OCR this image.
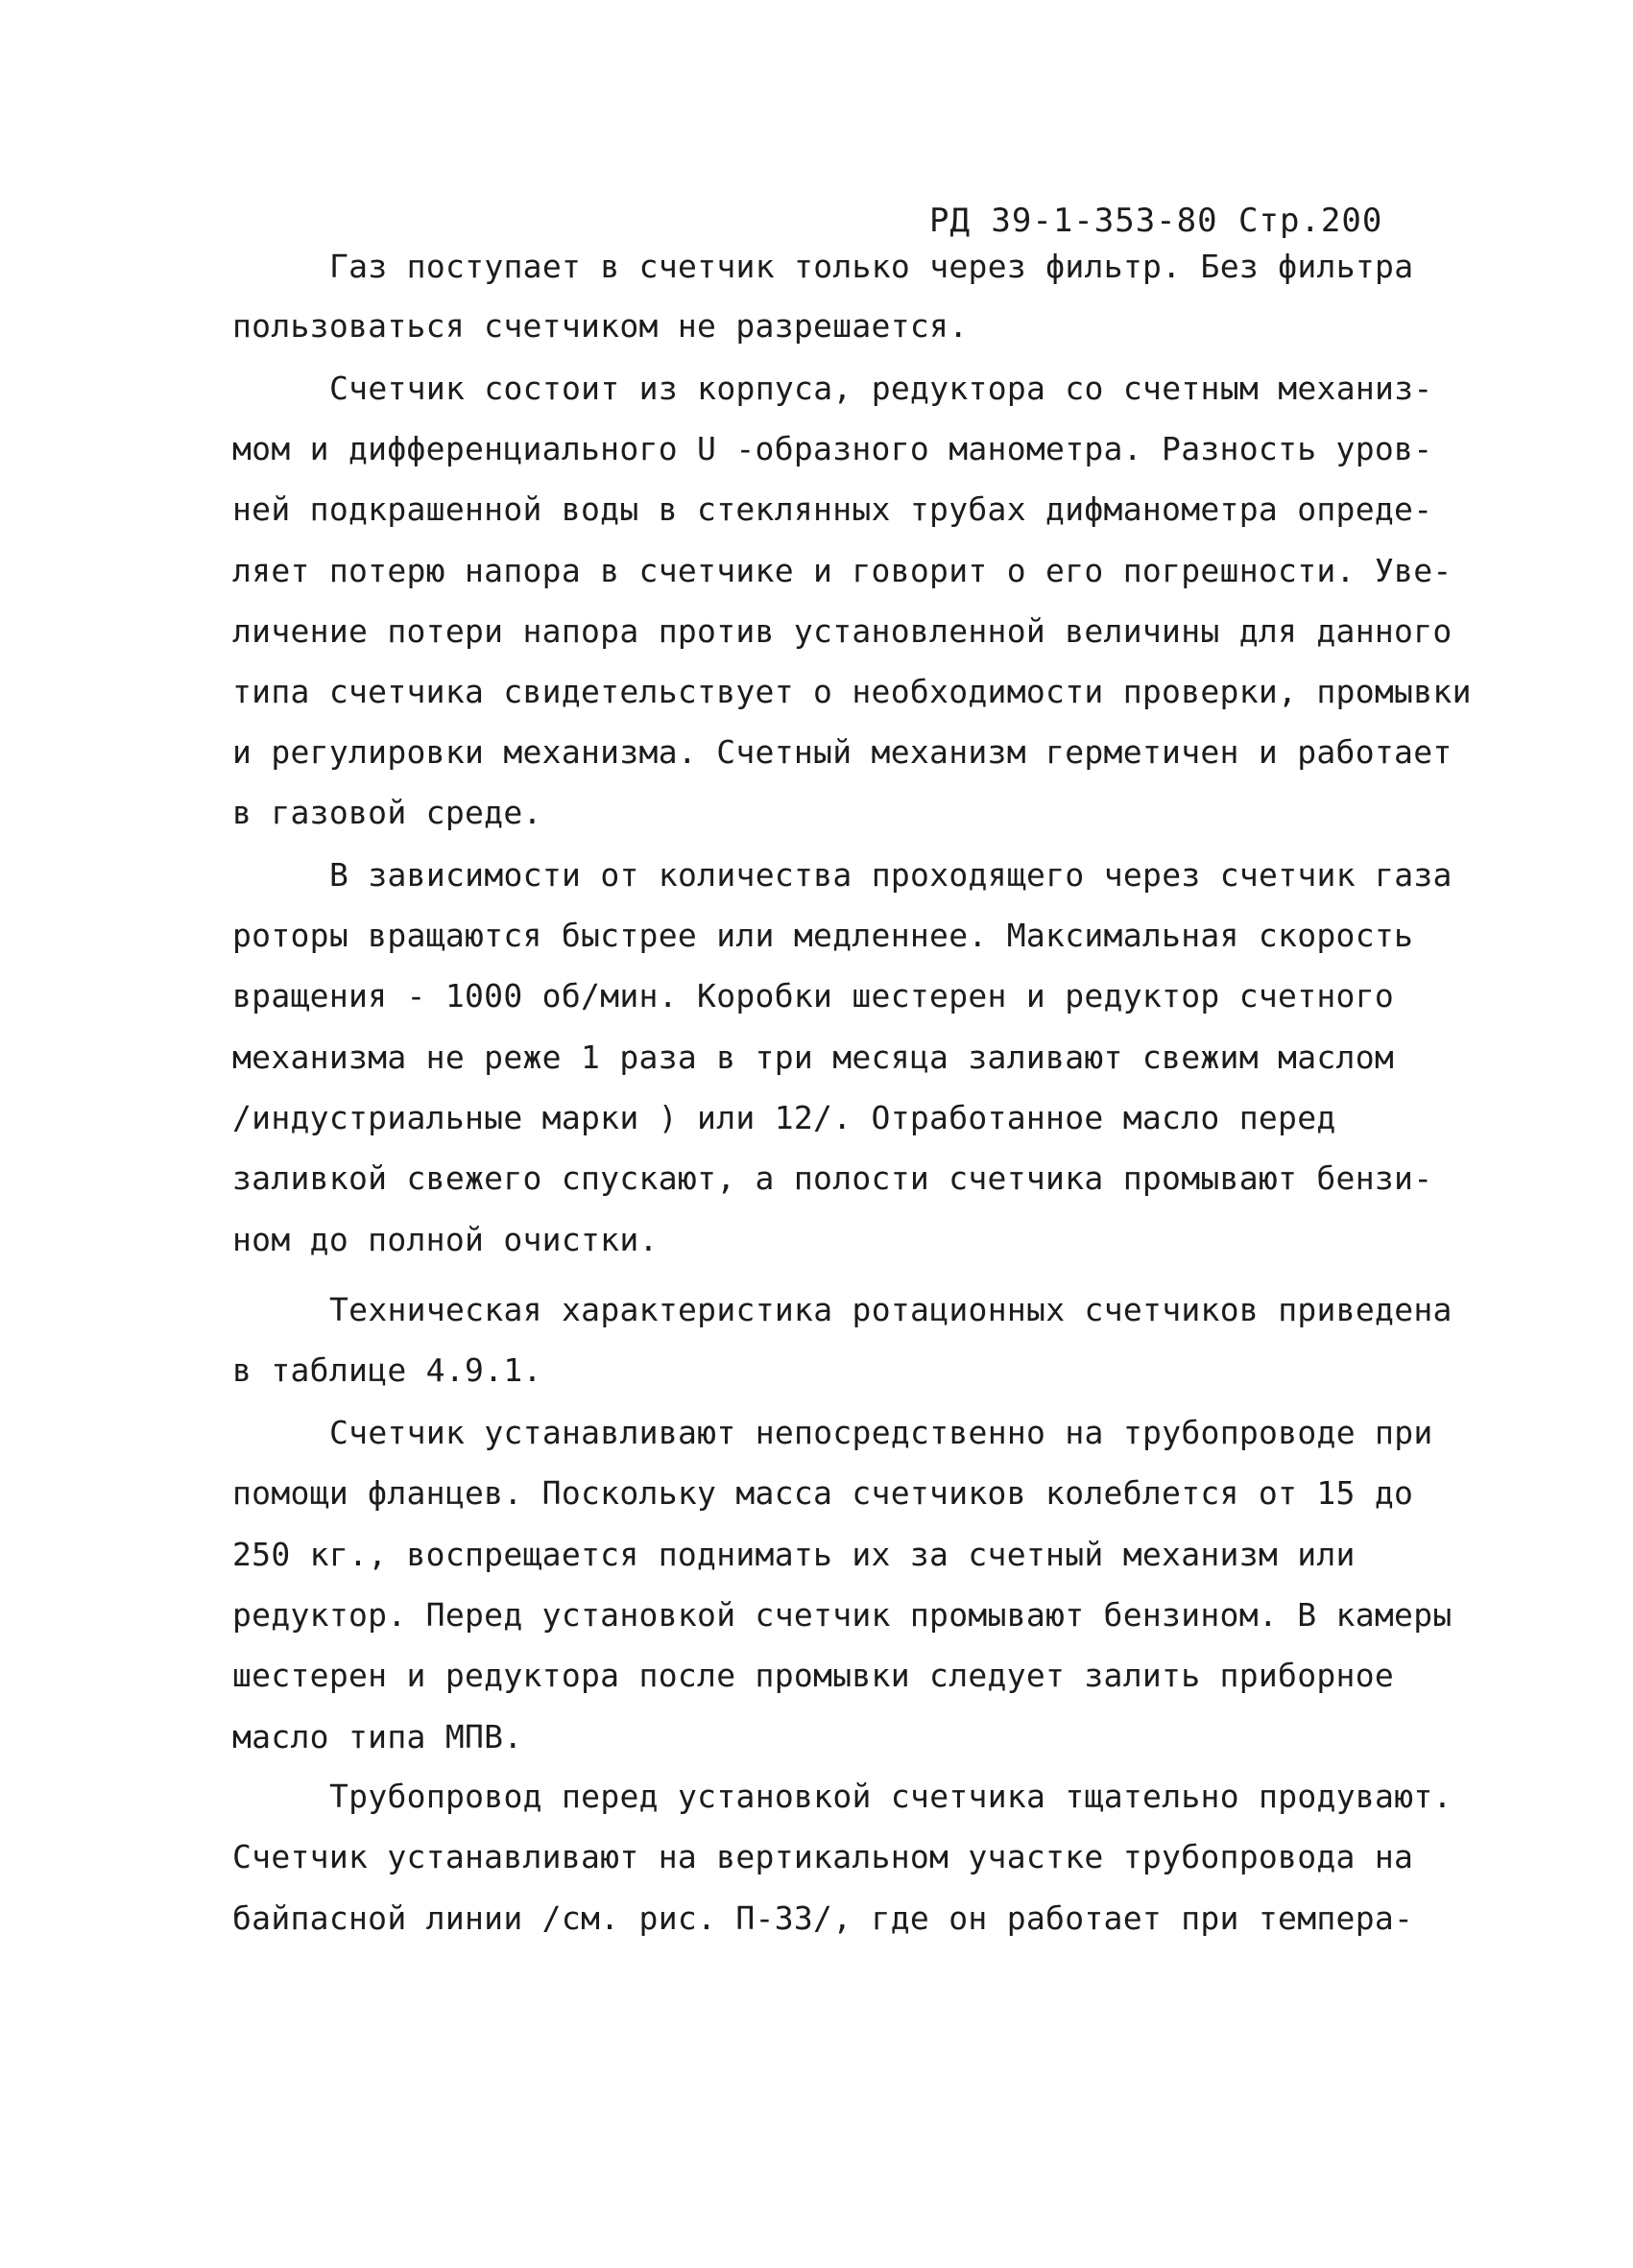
РД 39-1-353-80 Стр.200
Газ поступает в счетчик только через фильтр. Без фильтра
пользоваться счетчиком не разрешается.
Счетчик состоит из корпуса, редуктора со счетным механиз-
мом и дифференциального U -образного манометра. Разность уров-
ней подкрашенной воды в стеклянных трубах дифманометра опреде-
ляет потерю напора в счетчике и говорит о его погрешности. Уве-
личение потери напора против установленной величины для данного
типа счетчика свидетельствует о необходимости проверки, промывки
и регулировки механизма. Счетный механизм герметичен и работает
в газовой среде.
В зависимости от количества проходящего через счетчик газа
роторы вращаются быстрее или медленнее. Максимальная скорость
вращения - 1000 об/мин. Коробки шестерен и редуктор счетного
механизма не реже 1 раза в три месяца заливают свежим маслом
/индустриальные марки ) или 12/. Отработанное масло перед
заливкой свежего спускают, а полости счетчика промывают бензи-
ном до полной очистки.
Техническая характеристика ротационных счетчиков приведена
в таблице 4.9.1.
Счетчик устанавливают непосредственно на трубопроводе при
помощи фланцев. Поскольку масса счетчиков колеблется от 15 до
250 кг., воспрещается поднимать их за счетный механизм или
редуктор. Перед установкой счетчик промывают бензином. В камеры
шестерен и редуктора после промывки следует залить приборное
масло типа МПВ.
Трубопровод перед установкой счетчика тщательно продувают.
Счетчик устанавливают на вертикальном участке трубопровода на
байпасной линии /см. рис. П-33/, где он работает при темпера-
